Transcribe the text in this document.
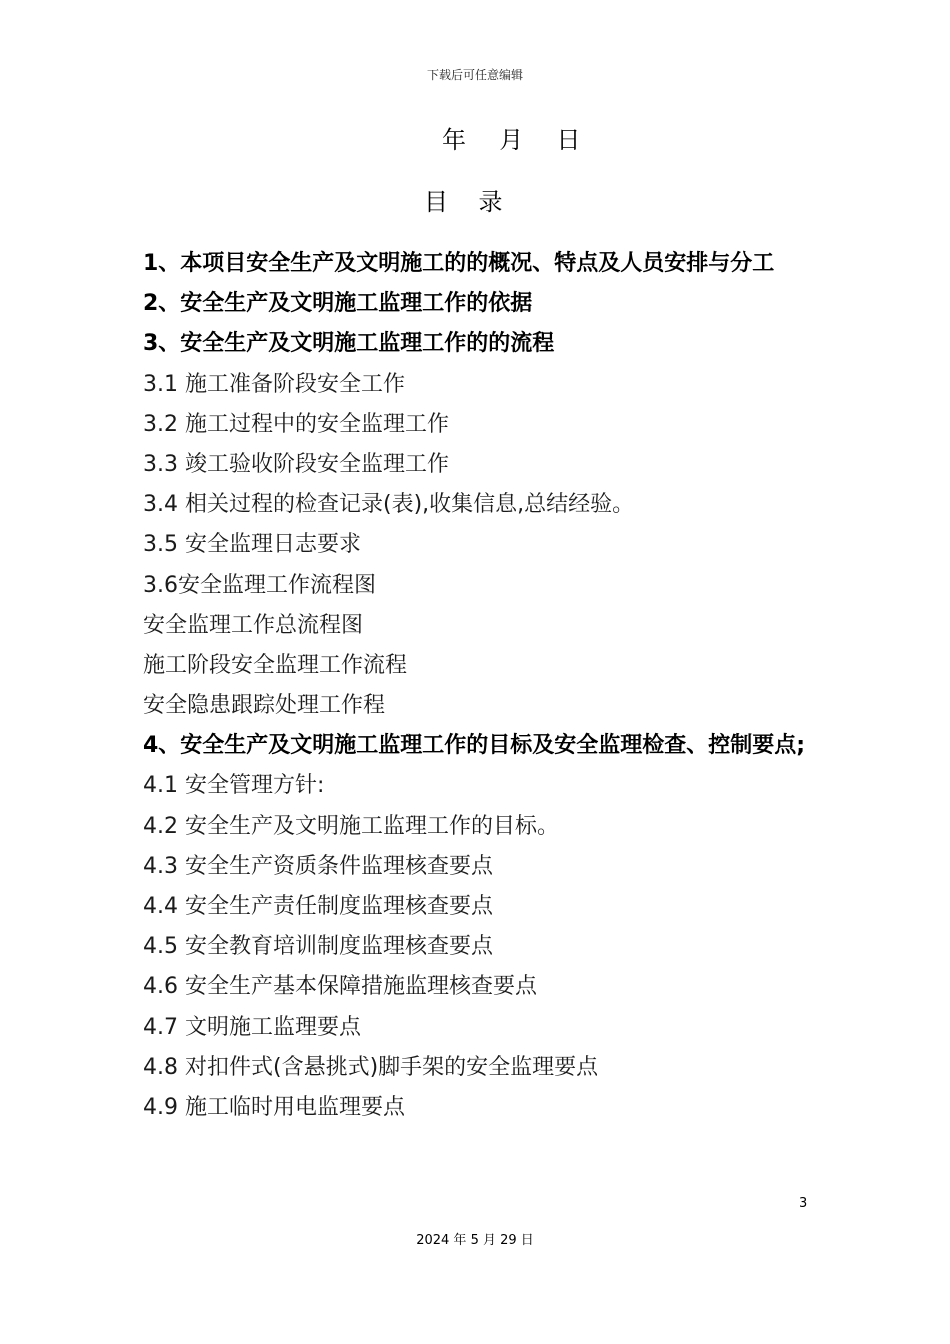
下载后可任意编辑
年  月  日
目    录
1、本项目安全生产及文明施工的的概况、特点及人员安排与分工
2、安全生产及文明施工监理工作的依据
3、安全生产及文明施工监理工作的的流程
3.1 施工准备阶段安全工作
3.2 施工过程中的安全监理工作
3.3 竣工验收阶段安全监理工作
3.4 相关过程的检查记录(表),收集信息,总结经验。
3.5 安全监理日志要求
3.6安全监理工作流程图
安全监理工作总流程图
施工阶段安全监理工作流程
安全隐患跟踪处理工作程
4、安全生产及文明施工监理工作的目标及安全监理检查、控制要点;
4.1 安全管理方针:
4.2 安全生产及文明施工监理工作的目标。
4.3 安全生产资质条件监理核查要点
4.4 安全生产责任制度监理核查要点
4.5 安全教育培训制度监理核查要点
4.6 安全生产基本保障措施监理核查要点
4.7 文明施工监理要点
4.8 对扣件式(含悬挑式)脚手架的安全监理要点
4.9 施工临时用电监理要点
3
2024 年 5 月 29 日
